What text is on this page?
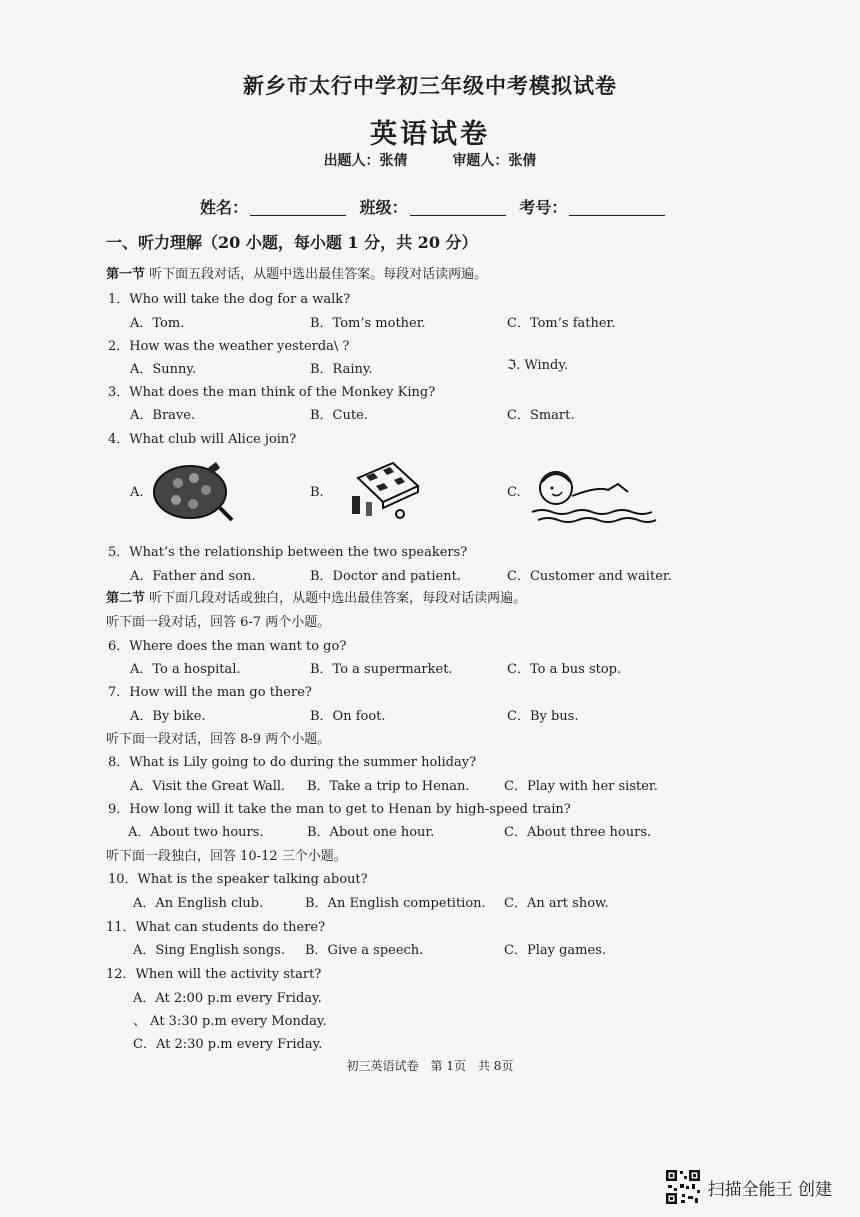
新乡市太行中学初三年级中考模拟试卷
英语试卷
出题人：张倩	审题人：张倩
姓名：	班级：	考号：
一、听力理解（20 小题，每小题 1 分，共 20 分）
第一节 听下面五段对话，从题中选出最佳答案。每段对话读两遍。
1．Who will take the dog for a walk?
A．Tom.	B．Tom’s mother.	C．Tom’s father.
2．How was the weather yesterda\ ?
A．Sunny.	B．Rainy.	ℑ. Windy.
3．What does the man think of the Monkey King?
A．Brave.	B．Cute.	C．Smart.
4．What club will Alice join?
A.	B.	C.
5．What’s the relationship between the two speakers?
A．Father and son.	B．Doctor and patient.	C．Customer and waiter.
第二节 听下面几段对话或独白，从题中选出最佳答案，每段对话读两遍。
听下面一段对话，回答 6-7 两个小题。
6．Where does the man want to go?
A．To a hospital.	B．To a supermarket.	C．To a bus stop.
7．How will the man go there?
A．By bike.	B．On foot.	C．By bus.
听下面一段对话，回答 8-9 两个小题。
8．What is Lily going to do during the summer holiday?
A．Visit the Great Wall. B．Take a trip to Henan.	C．Play with her sister.
9．How long will it take the man to get to Henan by high-speed train?
A．About two hours.	B．About one hour.	C．About three hours.
听下面一段独白，回答 10-12 三个小题。
10．What is the speaker talking about?
A．An English club.	B．An English competition. C．An art show.
11．What can students do there?
A．Sing English songs. B．Give a speech.	C．Play games.
12．When will the activity start?
A．At 2:00 p.m every Friday.
、 At 3:30 p.m every Monday.
C．At 2:30 p.m every Friday.
初三英语试卷　第 1页　共 8页
扫描全能王 创建
